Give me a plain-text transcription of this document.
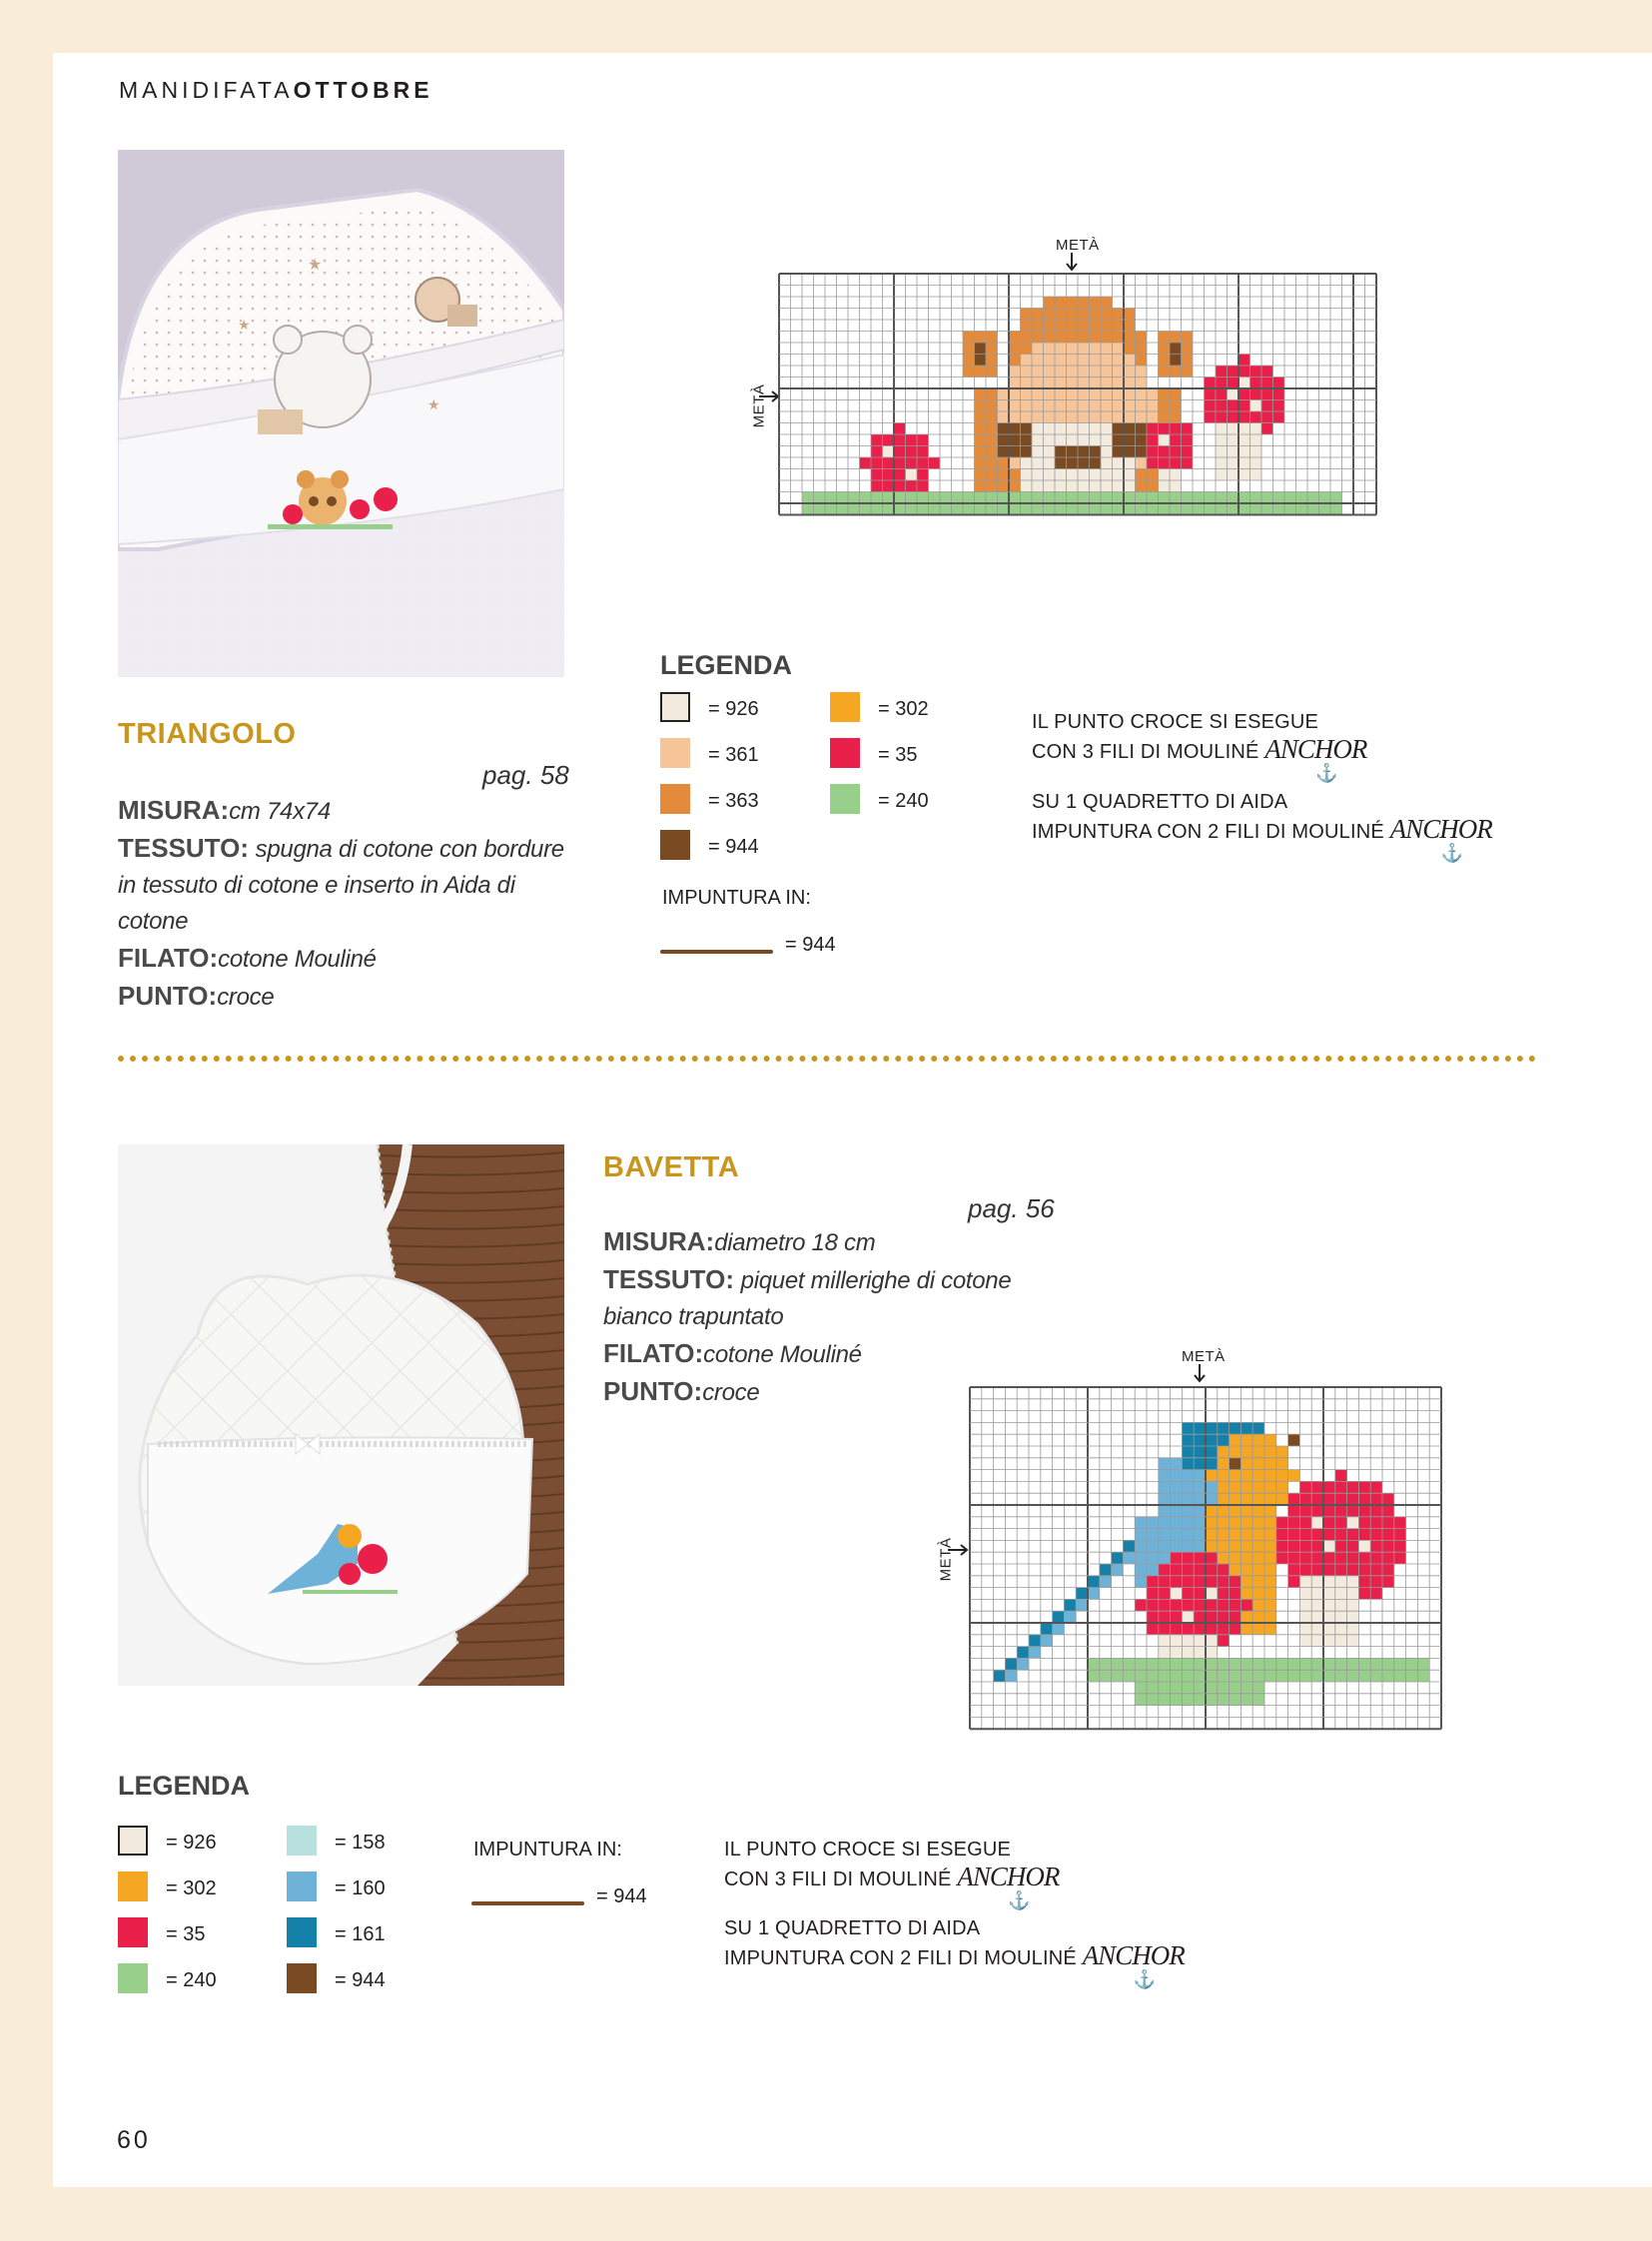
MANIDIFATAOTTOBRE
★
★
★
METÀ
METÀ
TRIANGOLO
pag. 58
MISURA:cm 74x74
TESSUTO: spugna di cotone con bordure in tessuto di cotone e inserto in Aida di cotone
FILATO:cotone Mouliné
PUNTO:croce
LEGENDA
= 926
= 361
= 363
= 944
= 302
= 35
= 240
IMPUNTURA IN:
= 944
IL PUNTO CROCE SI ESEGUE
CON 3 FILI DI MOULINÉ ANCHOR
⚓
SU 1 QUADRETTO DI AIDA
IMPUNTURA CON 2 FILI DI MOULINÉ ANCHOR
⚓
BAVETTA
pag. 56
MISURA:diametro 18 cm
TESSUTO: piquet millerighe di cotone bianco trapuntato
FILATO:cotone Mouliné
PUNTO:croce
METÀ
METÀ
LEGENDA
= 926
= 302
= 35
= 240
= 158
= 160
= 161
= 944
IMPUNTURA IN:
= 944
IL PUNTO CROCE SI ESEGUE
CON 3 FILI DI MOULINÉ ANCHOR
⚓
SU 1 QUADRETTO DI AIDA
IMPUNTURA CON 2 FILI DI MOULINÉ ANCHOR
⚓
60
